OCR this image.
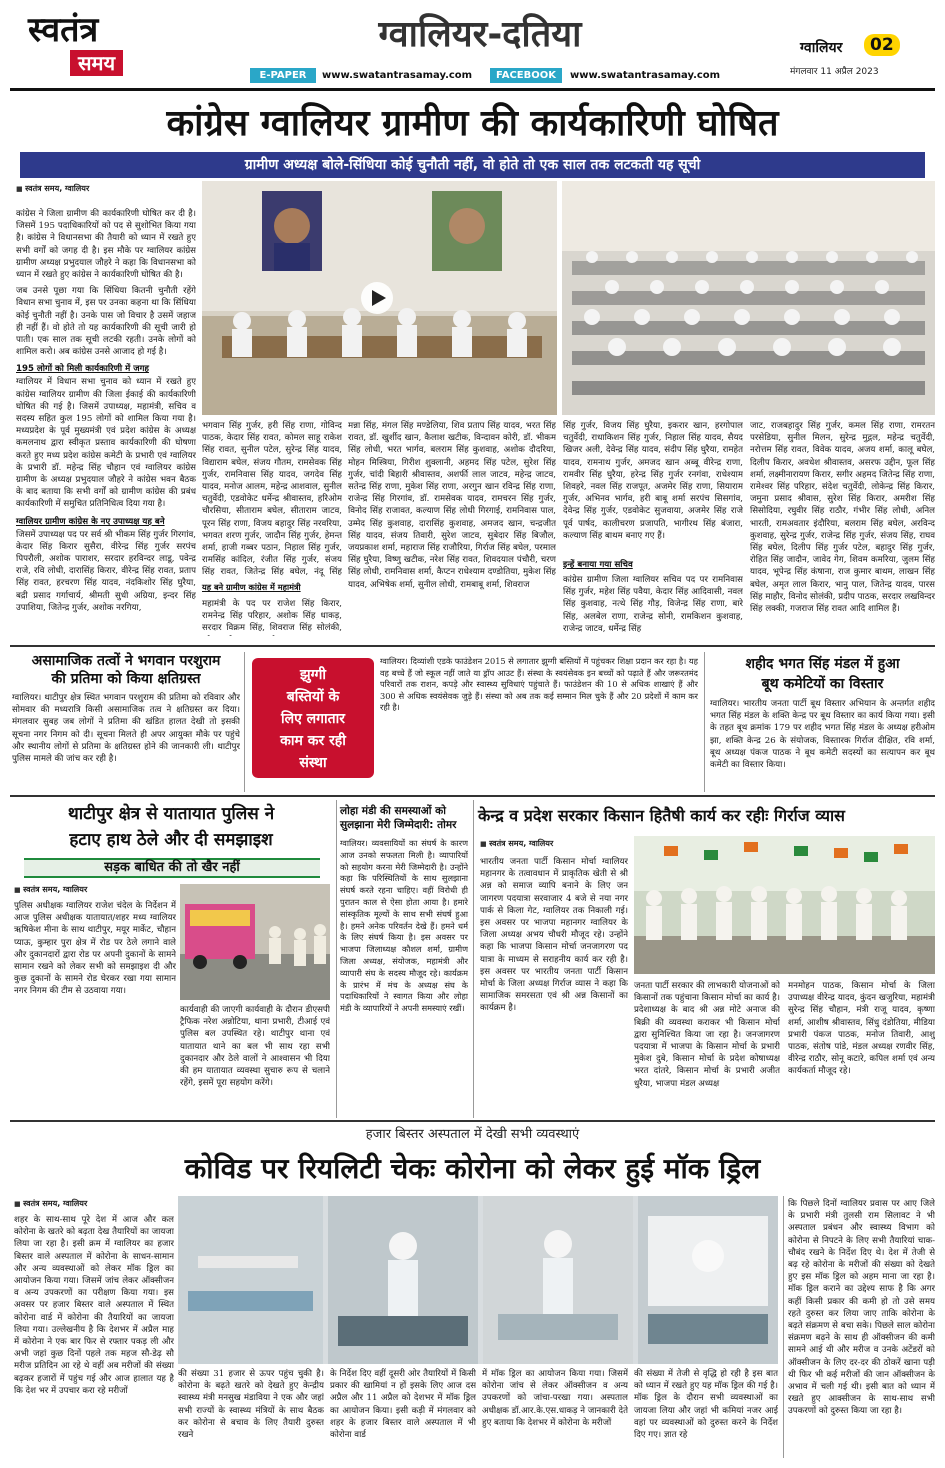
स्वतंत्र
समय
ग्वालियर-दतिया	ग्वालियर	02
मंगलवार 11 अप्रैल 2023
E-PAPER	www.swatantrasamay.com	FACEBOOK	www.swatantrasamay.com
कांग्रेस ग्वालियर ग्रामीण की कार्यकारिणी घोषित
ग्रामीण अध्यक्ष बोले-सिंधिया कोई चुनौती नहीं, वो होते तो एक साल तक लटकती यह सूची
■ स्वतंत्र समय, ग्वालियर
कांग्रेस ने जिला ग्रामीण की कार्यकारिणी घोषित कर दी है। जिसमें 195 पदाधिकारियों को पद से सुशोभित किया गया है। कांग्रेस ने विधानसभा की तैयारी को ध्यान में रखते हुए सभी वर्गों को जगह दी है। इस मौके पर ग्वालियर कांग्रेस ग्रामीण अध्यक्ष प्रभुदयाल जौहरे ने कहा कि विधानसभा को ध्यान में रखते हुए कांग्रेस ने कार्यकारिणी घोषित की है।
जब उनसे पूछा गया कि सिंधिया कितनी चुनौती रहेंगे विधान सभा चुनाव में, इस पर उनका कहना था कि सिंधिया कोई चुनौती नहीं है। उनके पास जो विचार है उसमें जहाज ही नहीं हैं। वो होते तो यह कार्यकारिणी की सूची जारी हो पाती। एक साल तक सूची लटकी रहती। उनके लोगों को शामिल करो। अब कांग्रेस उनसे आजाद हो गई है।
195 लोगों को मिली कार्यकारिणी में जगह
ग्वालियर में विधान सभा चुनाव को ध्यान में रखते हुए कांग्रेस ग्वालियर ग्रामीण की जिला ईकाई की कार्यकारिणी घोषित की गई है। जिसमें उपाध्यक्ष, महामंत्री, सचिव व सदस्य सहित कुल 195 लोगों को शामिल किया गया है। मध्यप्रदेश के पूर्व मुख्यमंत्री एवं प्रदेश कांग्रेस के अध्यक्ष कमलनाथ द्वारा स्वीकृत प्रस्ताव कार्यकारिणी की घोषणा करते हुए मध्य प्रदेश कांग्रेस कमेटी के प्रभारी एवं ग्वालियर के प्रभारी डॉ. महेन्द्र सिंह चौहान एवं ग्वालियर कांग्रेस ग्रामीण के अध्यक्ष प्रभुदयाल जौहरे ने कांग्रेस भवन बैठक के बाद बताया कि सभी वर्गों को ग्रामीण कांग्रेस की प्रबंध कार्यकारिणी में समुचित प्रतिनिधित्व दिया गया है।
ग्वालियर ग्रामीण कांग्रेस के नए उपाध्यक्ष यह बने
जिसमें उपाध्यक्ष पद पर सर्व श्री भीकम सिंह गुर्जर गिरगांव, केदार सिंह किरार सुसैरा, वीरेन्द्र सिंह गुर्जर सरपंच पिपरौली, अशोक पाराशर, सरदार हरविन्दर लाडू, पवेन्द्र राजे, रवि लोधी, दारासिंह किरार, वीरेन्द्र सिंह रावत, प्रताप सिंह रावत, हरचरण सिंह यादव, नंदकिशोर सिंह घुरैया, बद्री प्रसाद गर्गाचार्य, श्रीमती सुधी अग्रिया, इन्दर सिंह उपाशिया, जितेन्द्र गुर्जर, अशोक नरगिया,
भगवान सिंह गुर्जर, हरी सिंह राणा, गोविन्द पाठक, केदार सिंह रावत, कोमल साहू राकेश सिंह रावत, सुनील पटेल, सुरेन्द्र सिंह यादव, विद्याराम बघेल, संजय गौतम, रामसेवक सिंह गुर्जर, रामनिवास सिंह यादव, जगदेव सिंह यादव, मनोज आलम, महेन्द्र आशवाल, सुनील चतुर्वेदी, एडवोकेट धर्मेन्द्र श्रीवास्तव, हरिओम चौरसिया, सीताराम बघेल, सीताराम जाटव, पूरन सिंह राणा, विजय बहादुर सिंह नरवरिया, भगवत शरण गुर्जर, जादौन सिंह गुर्जर, हेमन्त शर्मा, हाजी गब्बर पठान, निहाल सिंह गुर्जर, रामसिंह कांदिल, रंजीत सिंह गुर्जर, संजय सिंह रावत, जितेन्द्र सिंह बघेल, नंदू सिंह
यह बने ग्रामीण कांग्रेस में महामंत्री
महामंत्री के पद पर राजेश सिंह किरार, रामनेन्द्र सिंह परिहार, अशोक सिंह धाकड़, सरदार विक्रम सिंह, शिवराज सिंह सोलंकी,
मन्ना सिंह, मंगल सिंह मण्डेलिया, शिव प्रताप सिंह यादव, भरत सिंह रावत, डॉ. खुर्शीद खान, कैलाश खटीक, विन्दावन कोरी, डॉ. भीकम सिंह लोधी, भरत भार्गव, बलराम सिंह कुशवाह, अशोक दौदरिया, मोहन मिस्त्रिया, गिरीश शुक्लानी, अहमद सिंह पटेल, सुरेश सिंह गुर्जर, चांदी बिहारी श्रीवास्तव, अशर्फी लाल जाटव, महेन्द्र जाटव, सतेन्द्र सिंह राणा, मुकेश सिंह राणा, अरगुन खान रविन्द्र सिंह राणा, राजेन्द्र सिंह गिरगांव, डॉ. रामसेवक यादव, रामचरन सिंह गुर्जर, विनोद सिंह राजावत, कल्याण सिंह लोधी गिरगाई, रामनिवास पाल, उम्मेद सिंह कुशवाह, दारासिंह कुशवाह, अमजद खान, चन्द्रजीत सिंह यादव, संजय तिवारी, सुरेश जाटव, सुबेदार सिंह बिजौल, जयप्रकाश शर्मा, महाराज सिंह राजौरिया, गिर्राज सिंह बघेल, परमाल सिंह घुरैया, विष्णु खटीक, नरेश सिंह रावत, शिवदयाल पंचौरी, चरण सिंह लोधी, रामनिवास शर्मा, कैप्टन राधेश्याम दण्डोतिया, मुकेश सिंह यादव, अभिषेक शर्मा, सुनील लोधी, रामबाबू शर्मा, शिवराज
सिंह गुर्जर, विजय सिंह घुरैया, इकरार खान, हरगोपाल चतुर्वेदी, राधाकिशन सिंह गुर्जर, निहाल सिंह यादव, सैयद खिजर अली, देवेन्द्र सिंह यादव, संदीप सिंह घुरैया, रामहेत यादव, रामनाथ गुर्जर, अमजद खान अब्बू वीरेन्द्र राणा, रामवीर सिंह घुरैया, हरेन्द्र सिंह गुर्जर रनगंवा, राधेश्याम शिवहरे, नवल सिंह राजपूत, अजमेर सिंह राणा, सियाराम गुर्जर, अभिनव भार्गव, हरी बाबू शर्मा सरपंच सिसगांव, देवेन्द्र सिंह गुर्जर, एडवोकेट सुजवाया, अजमेर सिंह राजे पूर्व पार्षद, कालीचरण प्रजापति, भागीरथ सिंह बंजारा, कल्याण सिंह बाथम बनाए गए हैं।
इन्हें बनाया गया सचिव
कांग्रेस ग्रामीण जिला ग्वालियर सचिव पद पर रामनिवास सिंह गुर्जर, महेश सिंह पवैया, केदार सिंह आदिवासी, नवल सिंह कुशवाह, नत्थे सिंह गौड़, विजेन्द्र सिंह राणा, बारे सिंह, अलबेल राणा, राजेन्द्र सोनी, रामकिशन कुशवाह, राजेन्द्र जाटव, धर्मेन्द्र सिंह
जाट, राजबहादुर सिंह गुर्जर, कमल सिंह राणा, रामरतन परसेडिया, सुनील मिलन, सुरेन्द्र मुद्गल, महेन्द्र चतुर्वेदी, नरोत्तम सिंह रावत, विवेक यादव, अजय शर्मा, कालू बघेल, दिलीप किरार, अवधेश श्रीवास्तव, असरफ उद्दीन, फूल सिंह शर्मा, लक्ष्मीनारायण किरार, सगीर अहमद जितेन्द्र सिंह राणा, रामेश्वर सिंह परिहार, संदेश चतुर्वेदी, लोकेन्द्र सिंह किरार, जमुना प्रसाद श्रीवास, सुरेश सिंह किरार, अमरीश सिंह सिसोदिया, रघुवीर सिंह राठौर, गंभीर सिंह लोधी, अनिल भारती, रामअवतार इंदौरिया, बलराम सिंह बघेल, अरविन्द कुशवाह, सुरेन्द्र गुर्जर, राजेन्द्र सिंह गुर्जर, संजय सिंह, राघव सिंह बघेल, दिलीप सिंह गुर्जर पटेल, बहादुर सिंह गुर्जर, रोहित सिंह जादौन, जावेद गेग, शिवम कमरिया, जुलम सिंह यादव, भूपेन्द्र सिंह कंषाना, राज कुमार बाथम, लाखन सिंह बघेल, अमृत लाल किरार, भानु पाल, जितेन्द्र यादव, पारस सिंह माहौर, विनोद सोलंकी, प्रदीप पाठक, सरदार लखविन्दर सिंह लक्की, गजराज सिंह रावत आदि शामिल हैं।
असामाजिक तत्वों ने भगवान परशुराम
की प्रतिमा को किया क्षतिग्रस्त
ग्वालियर। थाटीपुर क्षेत्र स्थित भगवान परशुराम की प्रतिमा को रविवार और सोमवार की मध्यरात्रि किसी असामाजिक तत्व ने क्षतिग्रस्त कर दिया। मंगलवार सुबह जब लोगों ने प्रतिमा की खंडित हालत देखी तो इसकी सूचना नगर निगम को दी। सूचना मिलते ही अपर आयुक्त मौके पर पहुंचे और स्थानीय लोगों से प्रतिमा के क्षतिग्रस्त होने की जानकारी ली। थाटीपुर पुलिस मामले की जांच कर रही है।
झुग्गी
बस्तियों के
लिए लगातार
काम कर रही
संस्था
ग्वालियर। दिव्यांशी एडके फाउंडेशन 2015 से लगातार झुग्गी बस्तियों में पहुंचकर शिक्षा प्रदान कर रहा है। यह वह बच्चे हैं जो स्कूल नहीं जाते या ड्रॉप आउट हैं। संस्था के स्वयंसेवक इन बच्चों को पढ़ाते हैं और जरूरतमंद परिवारों तक राशन, कपड़े और स्वास्थ्य सुविधाएं पहुंचाते हैं। फाउंडेशन की 10 से अधिक शाखाएं हैं और 300 से अधिक स्वयंसेवक जुड़े हैं। संस्था को अब तक कई सम्मान मिल चुके हैं और 20 प्रदेशों में काम कर रही है।
शहीद भगत सिंह मंडल में हुआ
बूथ कमेटियों का विस्तार
ग्वालियर। भारतीय जनता पार्टी बूथ विस्तार अभियान के अन्तर्गत शहीद भगत सिंह मंडल के शक्ति केन्द्र पर बूथ विस्तार का कार्य किया गया। इसी के तहत बूथ क्रमांक 179 पर शहीद भगत सिंह मंडल के अध्यक्ष हरीओम झा, शक्ति केन्द्र 26 के संयोजक, विस्तारक गिर्राज दीक्षित, रवि शर्मा, बूथ अध्यक्ष पंकज पाठक ने बूथ कमेटी सदस्यों का सत्यापन कर बूथ कमेटी का विस्तार किया।
थाटीपुर क्षेत्र से यातायात पुलिस ने
हटाए हाथ ठेले और दी समझाइश
सड़क बाधित की तो खैर नहीं
■ स्वतंत्र समय, ग्वालियर
पुलिस अधीक्षक ग्वालियर राजेश चंदेल के निर्देशन में आज पुलिस अधीक्षक यातायात/शहर मध्य ग्वालियर ऋषिकेश मीना के साथ थाटीपुर, मयूर मार्केट, चौहान प्याऊ, कुम्हार पुरा क्षेत्र में रोड पर ठेले लगाने वाले और दुकानदारों द्वारा रोड पर अपनी दुकानों के सामने सामान रखने को लेकर सभी को समझाइश दी और कुछ दुकानों के सामने रोड घेरकर रखा गया सामान नगर निगम की टीम से उठवाया गया।
कार्यवाही की जाएगी कार्यवाही के दौरान डीएसपी ट्रैफिक नरेश अन्नोटिया, थाना प्रभारी, टीआई एवं पुलिस बल उपस्थित रहे। थाटीपुर थाना एवं यातायात थाने का बल भी साथ रहा सभी दुकानदार और ठेले वालों ने आश्वासन भी दिया की हम यातायात व्यवस्था सुचारु रूप से चलाने रहेंगे, इसमें पूरा सहयोग करेंगे।
लोहा मंडी की समस्याओं को सुलझाना मेरी जिम्मेदारी: तोमर
ग्वालियर। व्यवसायियों का संघर्ष के कारण आज उनको सफलता मिली है। व्यापारियों को सहयोग करना मेरी जिम्मेदारी है। उन्होंने कहा कि परिस्थितियों के साथ सुलझाना संघर्ष करते रहना चाहिए। वहीं विरोधी ही पुरातन काल से ऐसा होता आया है। हमारे सांस्कृतिक मूल्यों के साथ सभी संघर्ष हुआ है। हमने अनेक परिवर्तन देखे हैं। हमने धर्म के लिए संघर्ष किया है। इस अवसर पर भाजपा जिलाध्यक्ष कौशल शर्मा, ग्रामीण जिला अध्यक्ष, संयोजक, महामंत्री और व्यापारी संघ के सदस्य मौजूद रहे। कार्यक्रम के प्रारंभ में मंच के अध्यक्ष संघ के पदाधिकारियों ने स्वागत किया और लोहा मंडी के व्यापारियों ने अपनी समस्याएं रखीं।
केन्द्र व प्रदेश सरकार किसान हितैषी कार्य कर रहीः गिर्राज व्यास
■ स्वतंत्र समय, ग्वालियर
भारतीय जनता पार्टी किसान मोर्चा ग्वालियर महानगर के तत्वावधान में प्राकृतिक खेती से श्री अन्न को समाज व्यापि बनाने के लिए जन जागरण पदयात्रा सरवाजार 4 बजे से नया नगर पार्क से किला गेट, ग्वालियर तक निकाली गई। इस अवसर पर भाजपा महानगर ग्वालियर के जिला अध्यक्ष अभय चौधरी मौजूद रहे। उन्होंने कहा कि भाजपा किसान मोर्चा जनजागरण पद यात्रा के माध्यम से सराहनीय कार्य कर रही है। इस अवसर पर भारतीय जनता पार्टी किसान मोर्चा के जिला अध्यक्ष गिर्राज व्यास ने कहा कि सामाजिक समरसता एवं श्री अन्न किसानों का कार्यक्रम है।
जनता पार्टी सरकार की लाभकारी योजनाओं को किसानों तक पहुंचाना किसान मोर्चा का कार्य है। प्रदेशाध्यक्ष के बाद श्री अन्न मोटे अनाज की बिक्री की व्यवस्था कराकर भी किसान मोर्चा द्वारा सुनिश्चित किया जा रहा है। जनजागरण पदयात्रा में भाजपा के किसान मोर्चा के प्रभारी मुकेश दुबे, किसान मोर्चा के प्रदेश कोषाध्यक्ष भरत दांतरे, किसान मोर्चा के प्रभारी अजीत धुरैया, भाजपा मंडल अध्यक्ष
मनमोहन पाठक, किसान मोर्चा के जिला उपाध्यक्ष वीरेन्द्र यादव, कुंदन खजुरिया, महामंत्री सुरेन्द्र सिंह चौहान, मंत्री राजू यादव, कृष्णा शर्मा, आशीष श्रीवास्तव, सिंधु दंडोतिया, मीडिया प्रभारी पंकज पाठक, मनोज तिवारी, आशु पाठक, संतोष पांडे, मंडल अध्यक्ष रणवीर सिंह, वीरेन्द्र राठौर, सोनू कटारे, कपिल शर्मा एवं अन्य कार्यकर्ता मौजूद रहे।
हजार बिस्तर अस्पताल में देखी सभी व्यवस्थाएं
कोविड पर रियलिटी चेकः कोरोना को लेकर हुई मॉक ड्रिल
■ स्वतंत्र समय, ग्वालियर
शहर के साथ-साथ पूरे देश में आज और कल कोरोना के खतरे को बढ़ता देख तैयारियों का जायजा लिया जा रहा है। इसी क्रम में ग्वालियर का हजार बिस्तर वाले अस्पताल में कोरोना के साधन-सामान और अन्य व्यवस्थाओं को लेकर मॉक ड्रिल का आयोजन किया गया। जिसमें जांच लेकर ऑक्सीजन व अन्य उपकरणों का परीक्षण किया गया। इस अवसर पर हजार बिस्तर वाले अस्पताल में स्थित कोरोना वार्ड में कोरोना की तैयारियों का जायजा लिया गया। उल्लेखनीय है कि देशभर में अप्रैल माह में कोरोना ने एक बार फिर से रफ्तार पकड़ ली और अभी जहां कुछ दिनों पहले तक महज सौ-डेढ़ सौ मरीज प्रतिदिन आ रहे थे वहीं अब मरीजों की संख्या बढ़कर हजारों में पहुंच गई और आज हालात यह है कि देश भर में उपचार करा रहे मरीजों
की संख्या 31 हजार से ऊपर पहुंच चुकी है। कोरोना के बढ़ते खतरे को देखते हुए केन्द्रीय स्वास्थ्य मंत्री मनसुख मंडाविया ने एक और जहां सभी राज्यों के स्वास्थ्य मंत्रियों के साथ बैठक कर कोरोना से बचाव के लिए तैयारी दुरुस्त रखने
के निर्देश दिए वहीं दूसरी ओर तैयारियों में किसी प्रकार की खामियां न हों इसके लिए आज दस अप्रैल और 11 अप्रैल को देशभर में मॉक ड्रिल का आयोजन किया। इसी कड़ी में मंगलवार को शहर के हजार बिस्तर वाले अस्पताल में भी कोरोना वार्ड
में मॉक ड्रिल का आयोजन किया गया। जिसमें कोरोना जांच से लेकर ऑक्सीजन व अन्य उपकरणों को जांचा-परखा गया। अस्पताल अधीक्षक डॉ.आर.के.एस.धाकड़ ने जानकारी देते हुए बताया कि देशभर में कोरोना के मरीजों
की संख्या में तेजी से वृद्धि हो रही है इस बात को ध्यान में रखते हुए यह मॉक ड्रिल की गई है। मॉक ड्रिल के दौरान सभी व्यवस्थाओं का जायजा लिया और जहां भी कमियां नजर आई वहां पर व्यवस्थाओं को दुरुस्त करने के निर्देश दिए गए। ज्ञात रहे
कि पिछले दिनों ग्वालियर प्रवास पर आए जिले के प्रभारी मंत्री तुलसी राम सिलावट ने भी अस्पताल प्रबंधन और स्वास्थ्य विभाग को कोरोना से निपटने के लिए सभी तैयारियां चाक-चौबंद रखने के निर्देश दिए थे। देश में तेजी से बढ़ रहे कोरोना के मरीजों की संख्या को देखते हुए इस मॉक ड्रिल को अहम माना जा रहा है। मॉक ड्रिल कराने का उद्देश्य साफ है कि अगर कहीं किसी प्रकार की कमी हो तो उसे समय रहते दुरुस्त कर लिया जाए ताकि कोरोना के बढ़ते संक्रमण से बचा सके। पिछले साल कोरोना संक्रमण बढ़ने के साथ ही ऑक्सीजन की कमी सामने आई थी और मरीज व उनके अटेंडरों को ऑक्सीजन के लिए दर-दर की ठोकरें खाना पड़ी थी फिर भी कई मरीजों की जान ऑक्सीजन के अभाव में चली गई थी। इसी बात को ध्यान में रखते हुए आक्सीजन के साथ-साथ सभी उपकरणों को दुरुस्त किया जा रहा है।
